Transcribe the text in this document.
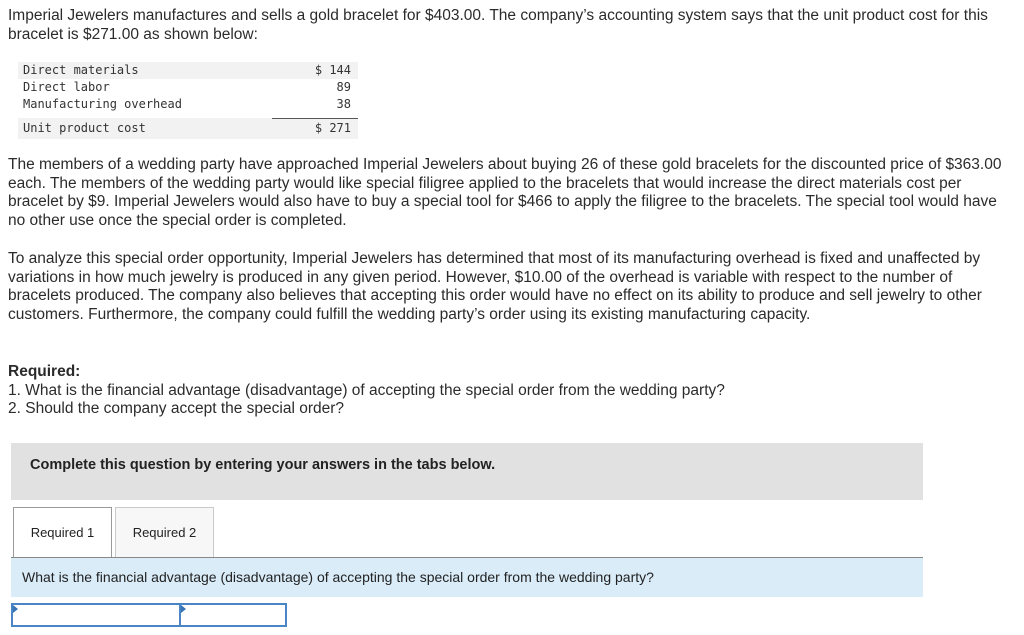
Imperial Jewelers manufactures and sells a gold bracelet for $403.00. The company’s accounting system says that the unit product cost for this bracelet is $271.00 as shown below:
Direct materials	$ 144
Direct labor	89
Manufacturing overhead	38
Unit product cost	$ 271
The members of a wedding party have approached Imperial Jewelers about buying 26 of these gold bracelets for the discounted price of $363.00 each. The members of the wedding party would like special filigree applied to the bracelets that would increase the direct materials cost per bracelet by $9. Imperial Jewelers would also have to buy a special tool for $466 to apply the filigree to the bracelets. The special tool would have no other use once the special order is completed.
To analyze this special order opportunity, Imperial Jewelers has determined that most of its manufacturing overhead is fixed and unaffected by variations in how much jewelry is produced in any given period. However, $10.00 of the overhead is variable with respect to the number of bracelets produced. The company also believes that accepting this order would have no effect on its ability to produce and sell jewelry to other customers. Furthermore, the company could fulfill the wedding party’s order using its existing manufacturing capacity.
Required:
1. What is the financial advantage (disadvantage) of accepting the special order from the wedding party?
2. Should the company accept the special order?
Complete this question by entering your answers in the tabs below.
Required 1	Required 2
What is the financial advantage (disadvantage) of accepting the special order from the wedding party?
